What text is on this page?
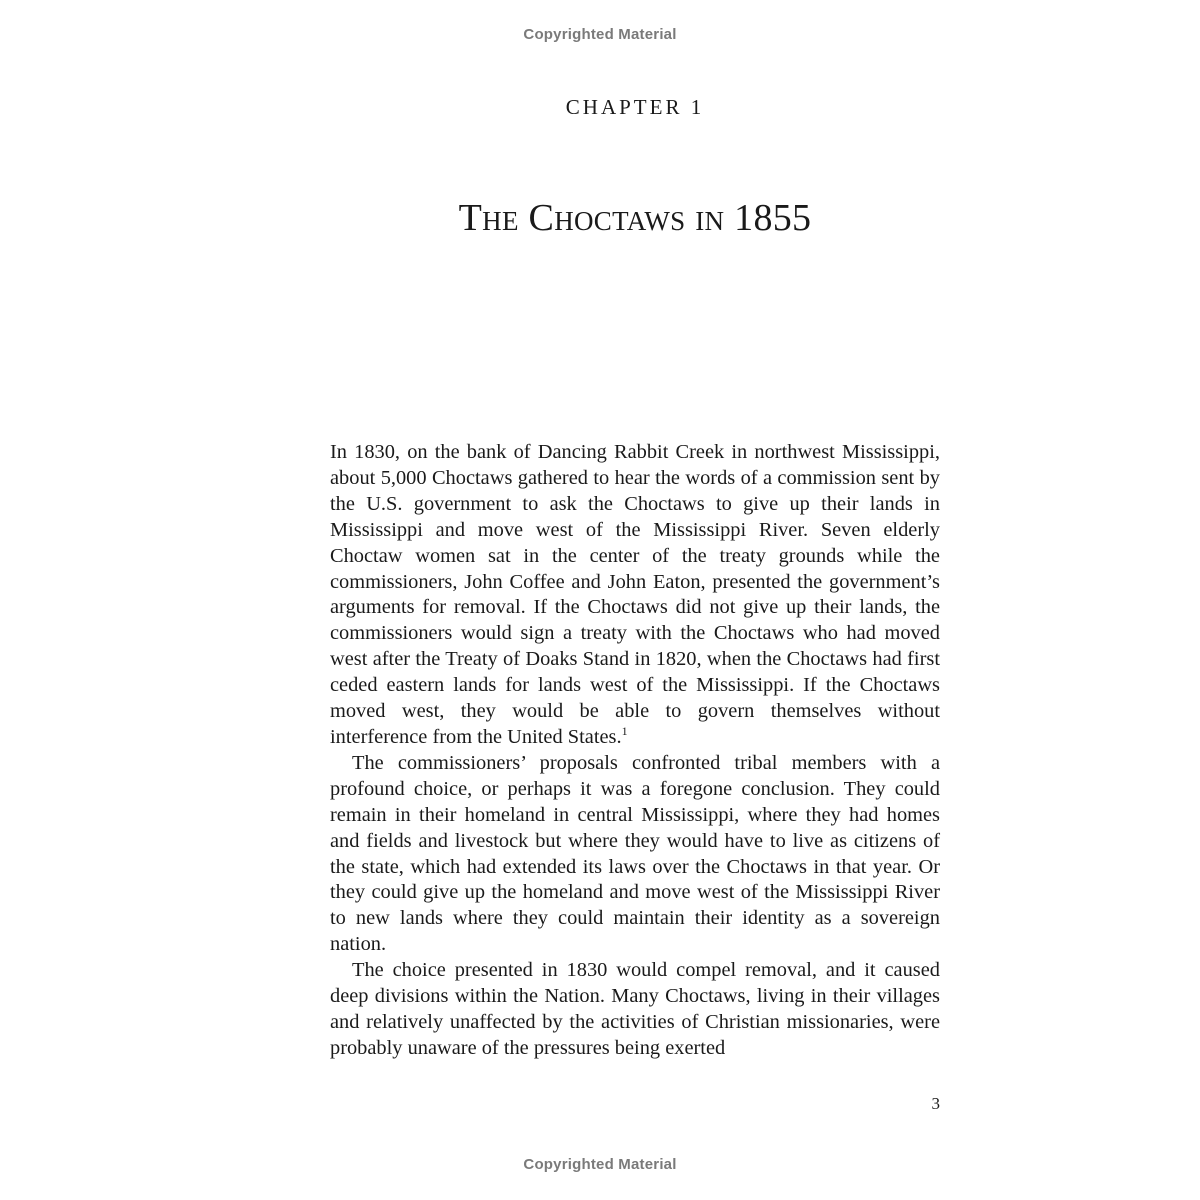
Copyrighted Material
CHAPTER 1
The Choctaws in 1855

In 1830, on the bank of Dancing Rabbit Creek in northwest Mississippi, about 5,000 Choctaws gathered to hear the words of a commission sent by the U.S. government to ask the Choctaws to give up their lands in Mississippi and move west of the Mississippi River. Seven elderly Choctaw women sat in the center of the treaty grounds while the commissioners, John Coffee and John Eaton, presented the government’s arguments for removal. If the Choctaws did not give up their lands, the commissioners would sign a treaty with the Choctaws who had moved west after the Treaty of Doaks Stand in 1820, when the Choctaws had first ceded eastern lands for lands west of the Mississippi. If the Choctaws moved west, they would be able to govern themselves without interference from the United States.$^1$

The commissioners’ proposals confronted tribal members with a profound choice, or perhaps it was a foregone conclusion. They could remain in their homeland in central Mississippi, where they had homes and fields and livestock but where they would have to live as citizens of the state, which had extended its laws over the Choctaws in that year. Or they could give up the homeland and move west of the Mississippi River to new lands where they could maintain their identity as a sovereign nation.

The choice presented in 1830 would compel removal, and it caused deep divisions within the Nation. Many Choctaws, living in their villages and relatively unaffected by the activities of Christian missionaries, were probably unaware of the pressures being exerted

3
Copyrighted Material
